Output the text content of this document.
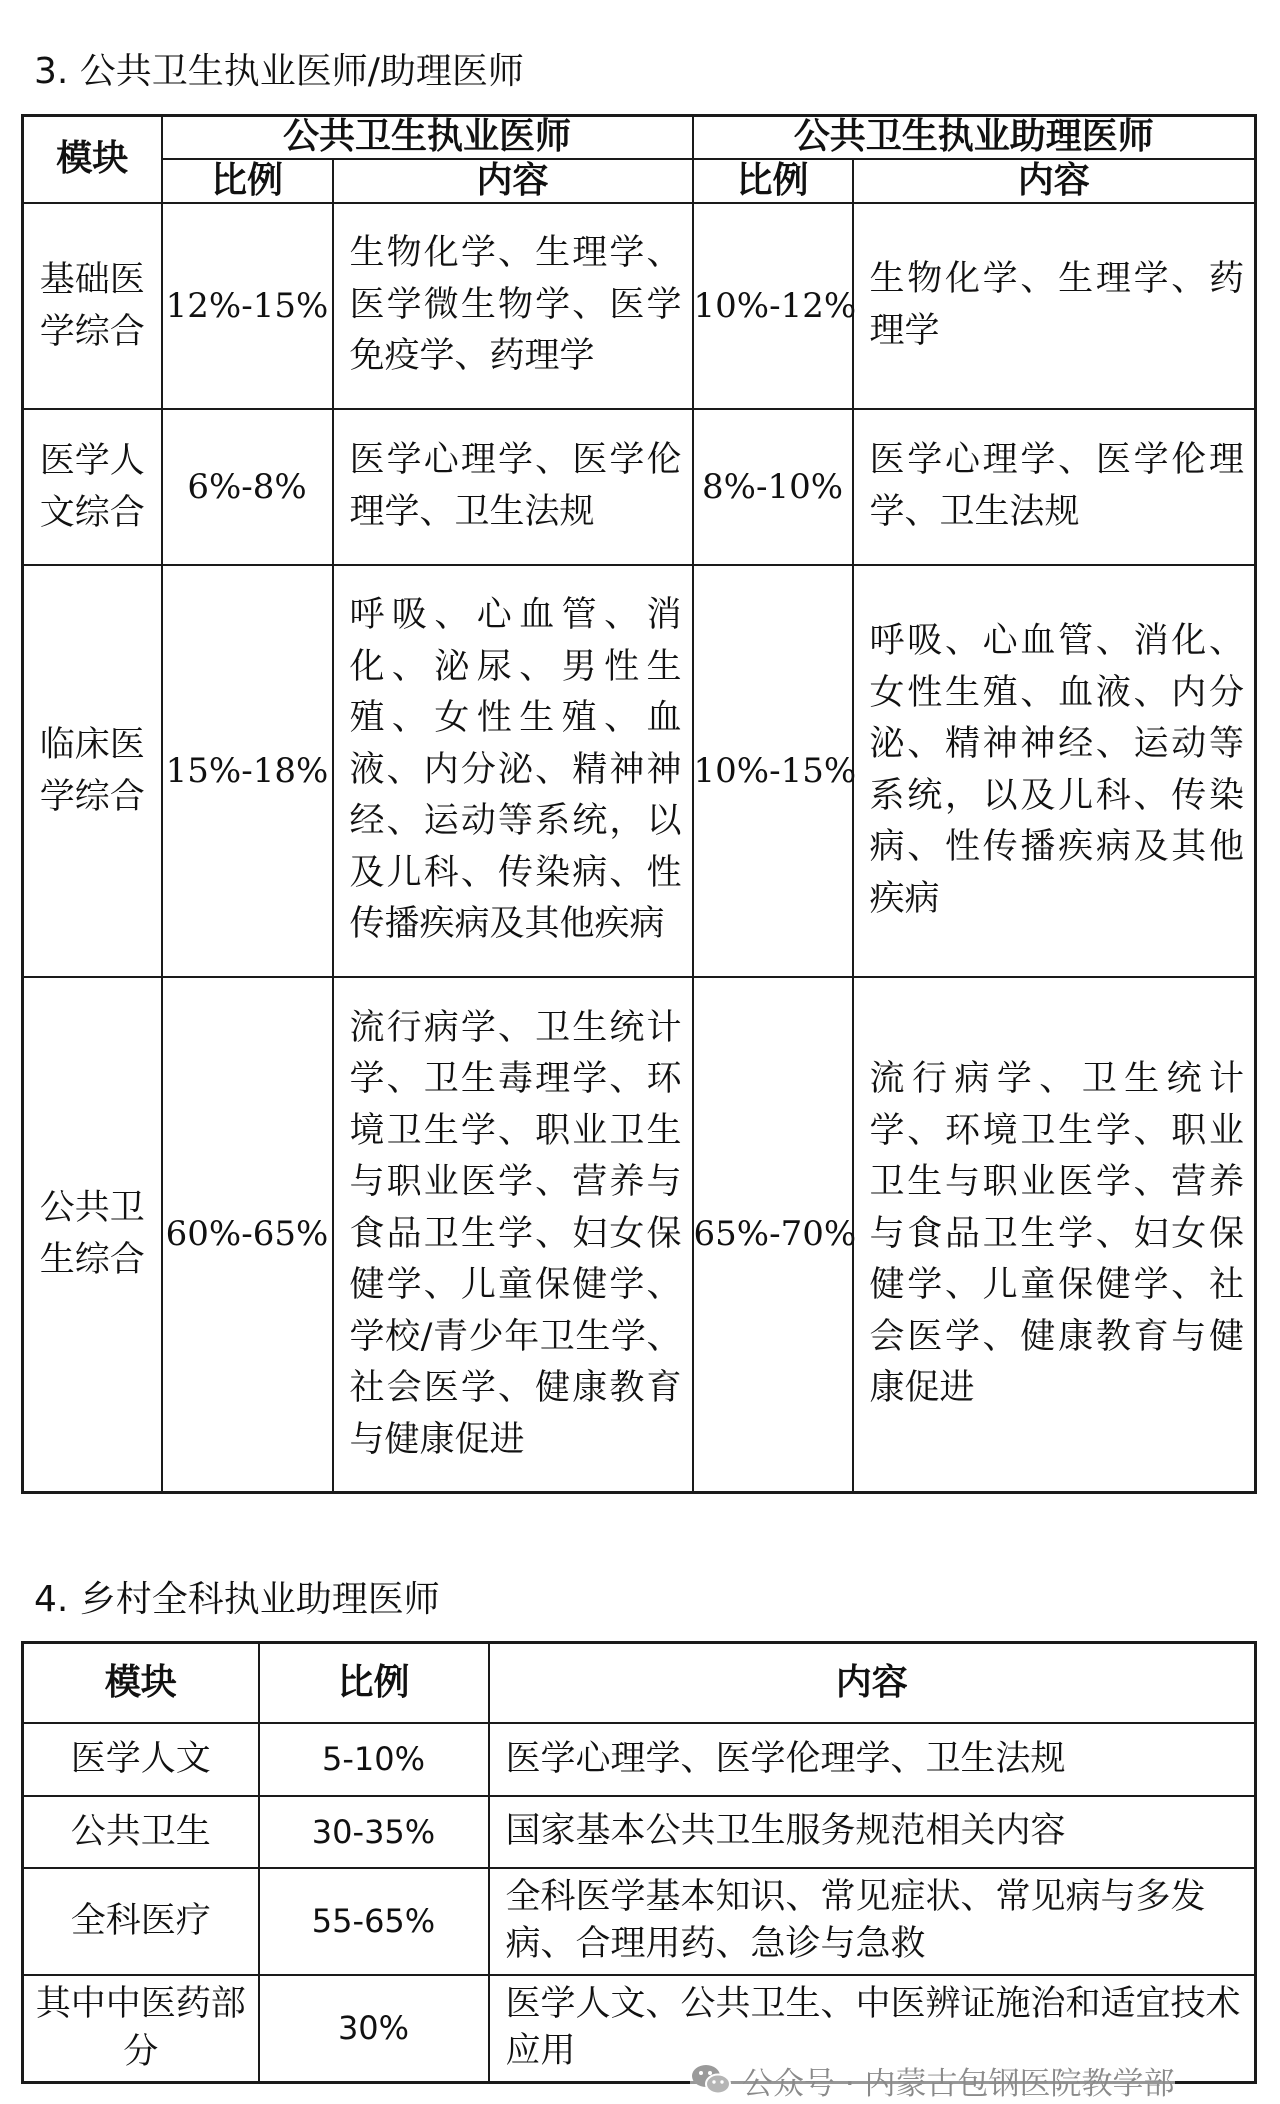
3. 公共卫生执业医师/助理医师
模块	公共卫生执业医师		公共卫生执业助理医师	
	比例	内容	比例	内容
基础医学综合	12%-15%	生物化学、生理学、医学微生物学、医学免疫学、药理学	10%-12%	生物化学、生理学、药理学
医学人文综合	6%-8%	医学心理学、医学伦理学、卫生法规	8%-10%	医学心理学、医学伦理学、卫生法规
临床医学综合	15%-18%	呼吸、心血管、消化、泌尿、男性生殖、女性生殖、血液、内分泌、精神神经、运动等系统，以及儿科、传染病、性传播疾病及其他疾病	10%-15%	呼吸、心血管、消化、女性生殖、血液、内分泌、精神神经、运动等系统，以及儿科、传染病、性传播疾病及其他疾病
公共卫生综合	60%-65%	流行病学、卫生统计学、卫生毒理学、环境卫生学、职业卫生与职业医学、营养与食品卫生学、妇女保健学、儿童保健学、学校/青少年卫生学、社会医学、健康教育与健康促进	65%-70%	流行病学、卫生统计学、环境卫生学、职业卫生与职业医学、营养与食品卫生学、妇女保健学、儿童保健学、社会医学、健康教育与健康促进
4. 乡村全科执业助理医师
模块	比例	内容
医学人文	5-10%	医学心理学、医学伦理学、卫生法规
公共卫生	30-35%	国家基本公共卫生服务规范相关内容
全科医疗	55-65%	全科医学基本知识、常见症状、常见病与多发病、合理用药、急诊与急救
其中中医药部分	30%	医学人文、公共卫生、中医辨证施治和适宜技术应用
公众号 · 内蒙古包钢医院教学部
